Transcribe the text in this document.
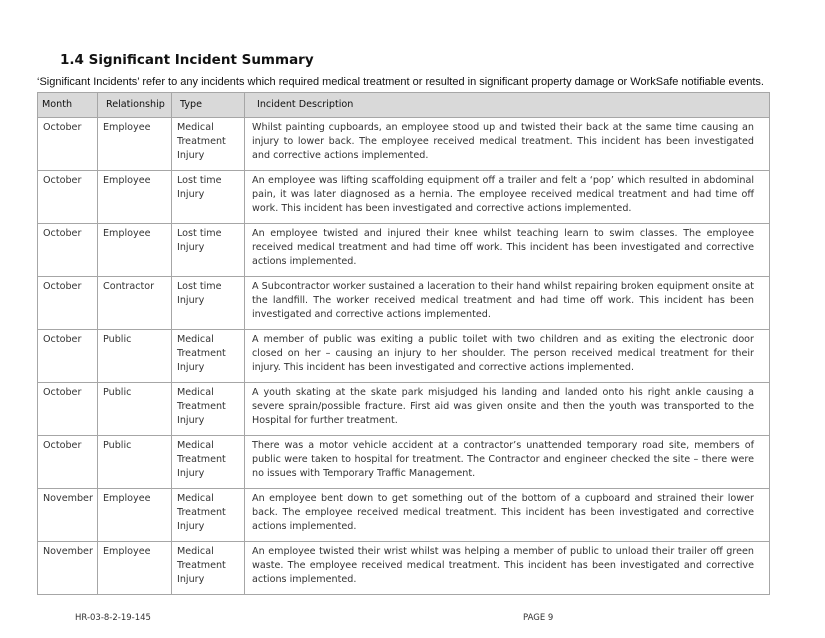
1.4 Significant Incident Summary
‘Significant Incidents’ refer to any incidents which required medical treatment or resulted in significant property damage or WorkSafe notifiable events.
Month	Relationship	Type	Incident Description
October	Employee	Medical Treatment Injury	Whilst painting cupboards, an employee stood up and twisted their back at the same time causing an injury to lower back. The employee received medical treatment. This incident has been investigated and corrective actions implemented.
October	Employee	Lost time Injury	An employee was lifting scaffolding equipment off a trailer and felt a ‘pop’ which resulted in abdominal pain, it was later diagnosed as a hernia. The employee received medical treatment and had time off work. This incident has been investigated and corrective actions implemented.
October	Employee	Lost time Injury	An employee twisted and injured their knee whilst teaching learn to swim classes. The employee received medical treatment and had time off work. This incident has been investigated and corrective actions implemented.
October	Contractor	Lost time Injury	A Subcontractor worker sustained a laceration to their hand whilst repairing broken equipment onsite at the landfill. The worker received medical treatment and had time off work. This incident has been investigated and corrective actions implemented.
October	Public	Medical Treatment Injury	A member of public was exiting a public toilet with two children and as exiting the electronic door closed on her – causing an injury to her shoulder. The person received medical treatment for their injury. This incident has been investigated and corrective actions implemented.
October	Public	Medical Treatment Injury	A youth skating at the skate park misjudged his landing and landed onto his right ankle causing a severe sprain/possible fracture. First aid was given onsite and then the youth was transported to the Hospital for further treatment.
October	Public	Medical Treatment Injury	There was a motor vehicle accident at a contractor’s unattended temporary road site, members of public were taken to hospital for treatment. The Contractor and engineer checked the site – there were no issues with Temporary Traffic Management.
November	Employee	Medical Treatment Injury	An employee bent down to get something out of the bottom of a cupboard and strained their lower back. The employee received medical treatment. This incident has been investigated and corrective actions implemented.
November	Employee	Medical Treatment Injury	An employee twisted their wrist whilst was helping a member of public to unload their trailer off green waste. The employee received medical treatment. This incident has been investigated and corrective actions implemented.
HR-03-8-2-19-145	PAGE 9
